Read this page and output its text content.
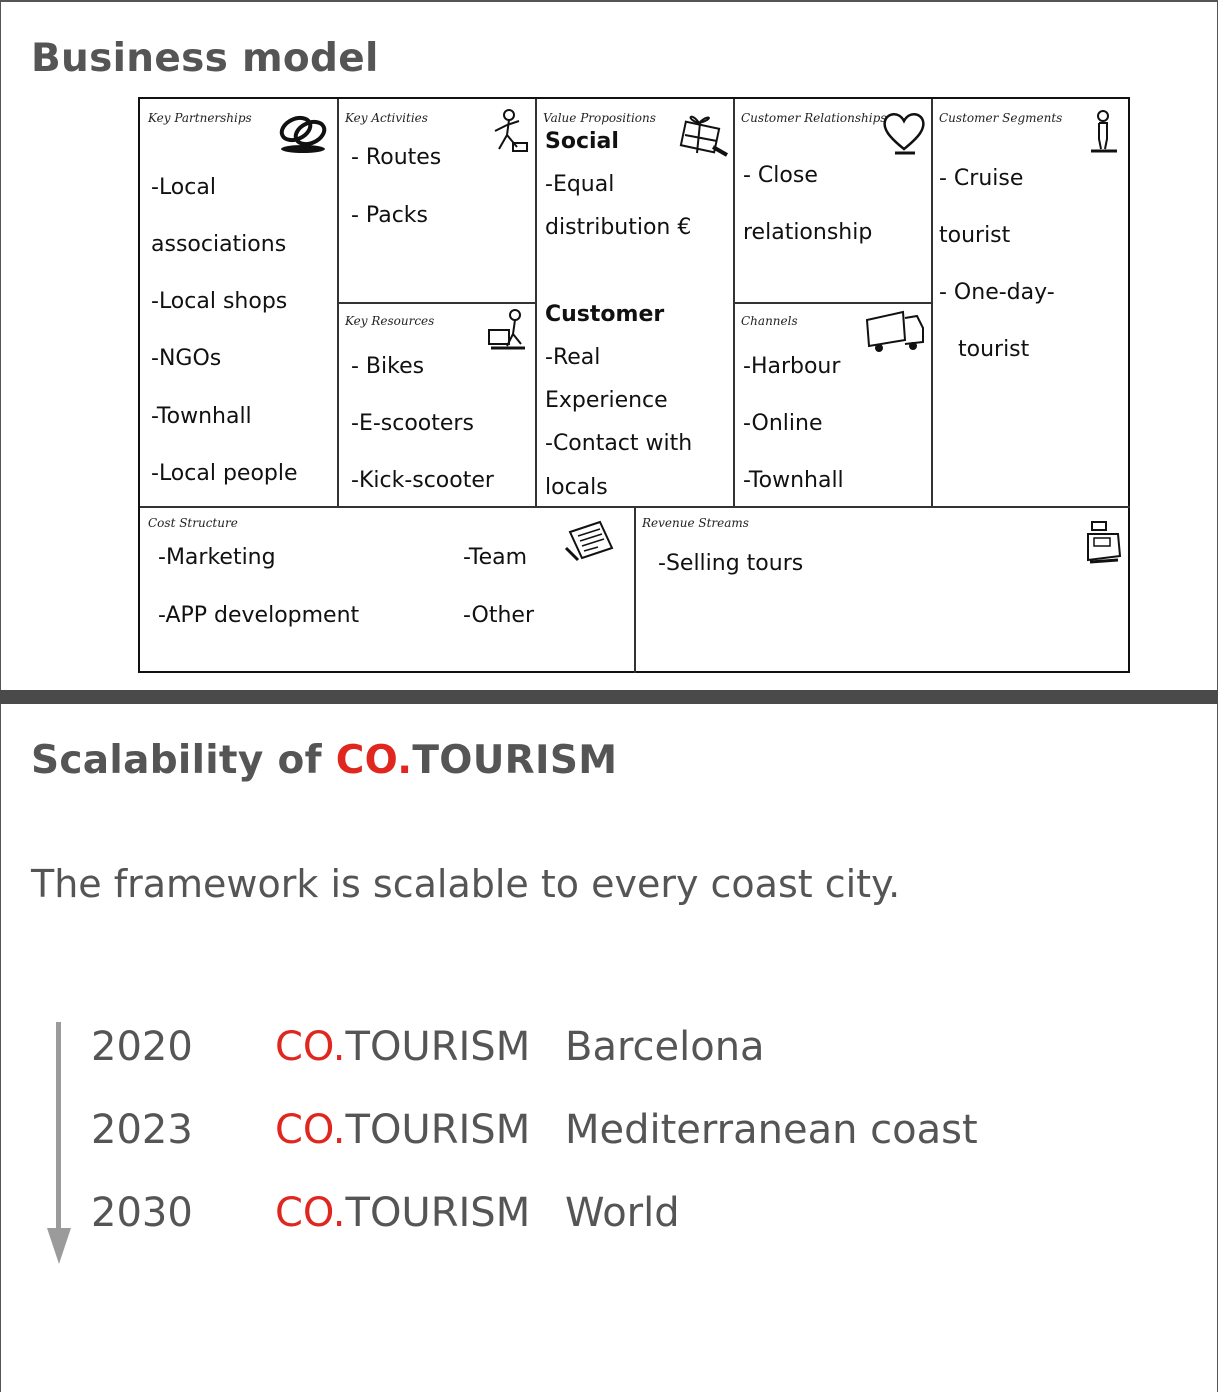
Business model
Key Partnerships
-Local
associations
-Local shops
-NGOs
-Townhall
-Local people
Key Activities
- Routes
- Packs
Key Resources
- Bikes
-E-scooters
-Kick-scooter
Value Propositions
Social
-Equal
distribution €
Customer
-Real
Experience
-Contact with
locals
Customer Relationships
- Close
relationship
Channels
-Harbour
-Online
-Townhall
Customer Segments
- Cruise
tourist
- One-day-
tourist
Cost Structure
-Marketing
-APP development
-Team
-Other
Revenue Streams
-Selling tours
Scalability of CO.TOURISM
The framework is scalable to every coast city.
2020 CO.TOURISM Barcelona
2023 CO.TOURISM Mediterranean coast
2030 CO.TOURISM World
